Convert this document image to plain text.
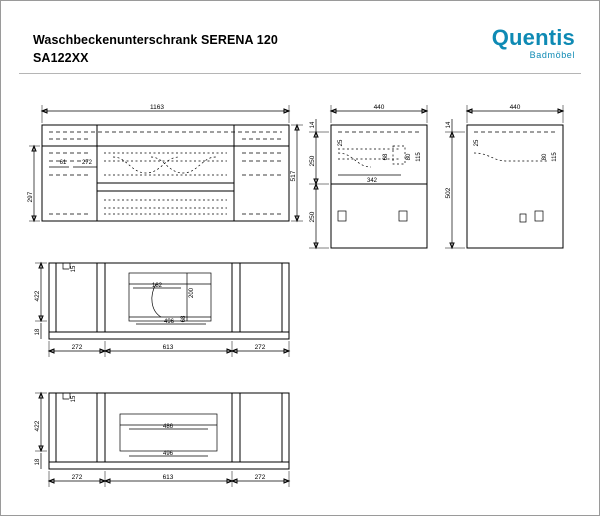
Waschbeckenunterschrank SERENA 120
SA122XX
Quentis
Badmöbel
1163
517
297
61	272
440
14
250
250
25
68	80 115
342
440
14
502
25
80 115
422
18
15
182
200
68
496
272	613	272
422
18
15
486
496
272	613	272
